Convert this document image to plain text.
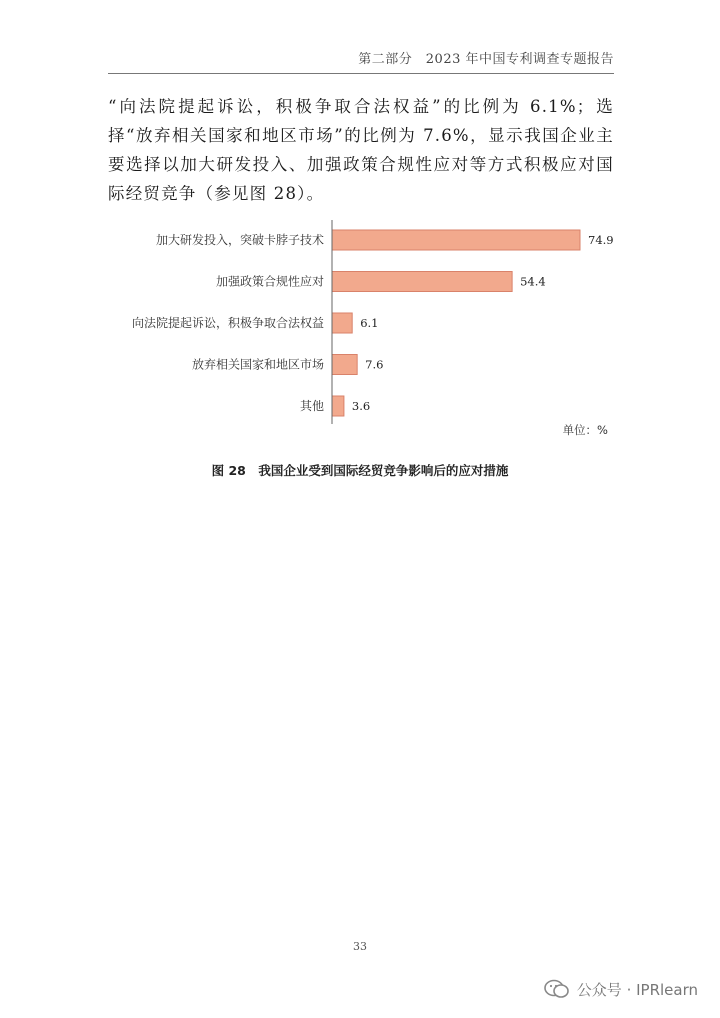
第二部分　2023 年中国专利调查专题报告

“向法院提起诉讼，积极争取合法权益”的比例为 6.1%；选择“放弃相关国家和地区市场”的比例为 7.6%，显示我国企业主要选择以加大研发投入、加强政策合规性应对等方式积极应对国际经贸竞争（参见图 28）。

加大研发投入，突破卡脖子技术	74.9
加强政策合规性应对	54.4
向法院提起诉讼，积极争取合法权益	6.1
放弃相关国家和地区市场	7.6
其他 3.6
单位：%
图 28　我国企业受到国际经贸竞争影响后的应对措施
33
公众号 · IPRlearn
